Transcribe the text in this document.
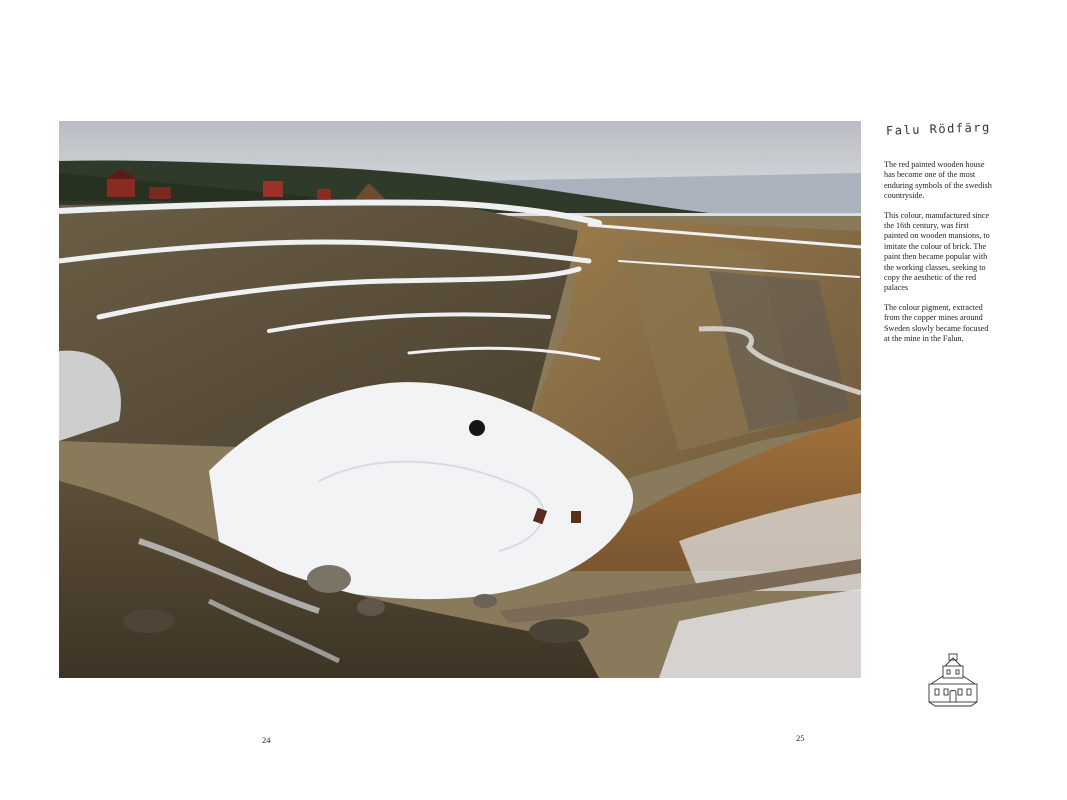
Falu Rödfärg

The red painted wooden house has become one of the most enduring symbols of the swedish countryside.

This colour, manufactured since the 16th century, was first painted on wooden mansions, to imitate the colour of brick. The paint then became popular with the working classes, seeking to copy the aesthetic of the red palaces

The colour pigment, extracted from the copper mines around Sweden slowly became focused at the mine in the Falun.

24	25
